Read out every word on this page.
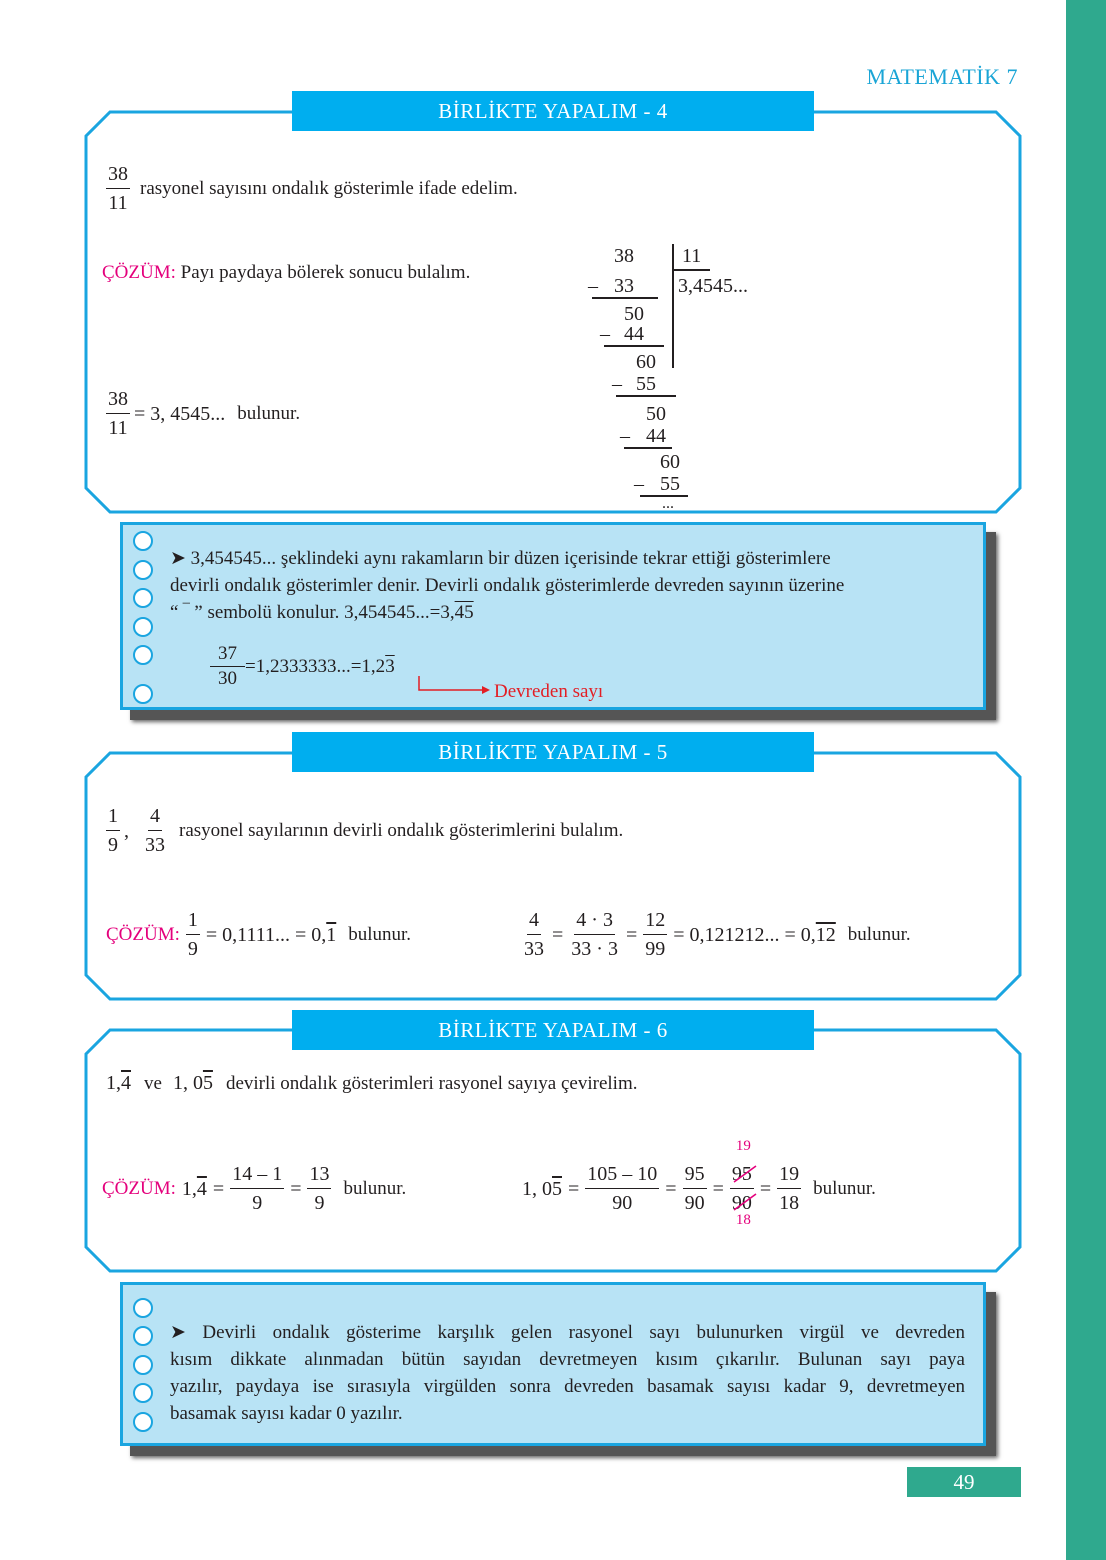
MATEMATİK 7
49
BİRLİKTE YAPALIM - 4
$\frac{38}{11}$ rasyonel sayısını ondalık gösterimle ifade edelim.
ÇÖZÜM: Payı paydaya bölerek sonucu bulalım.
$\frac{38}{11} = 3$, 4545... bulunur.
38 11
3,4545...
– 33
50
– 44
60
– 55
50
– 44
60
– 55
...
➤ 3,454545... şeklindeki aynı rakamların bir düzen içerisinde tekrar ettiği gösterimlere
devirli ondalık gösterimler denir. Devirli ondalık gösterimlerde devreden sayının üzerine
“ ‾ ” sembolü konulur. 3,454545...=3,45
$\frac{37}{30} =1,2333333...=1,2$ 3
Devreden sayı
BİRLİKTE YAPALIM - 5
$\frac{1}{9}$ , $\frac{4}{33}$ rasyonel sayılarının devirli ondalık gösterimlerini bulalım.
ÇÖZÜM: $\frac{1}{9} = 0,1111$... = 0,1 bulunur.	$\frac{4}{33} = \frac{4 \cdot 3}{33 \cdot 3} = \frac{12}{99} = 0,121212$... = 0,12 bulunur.
BİRLİKTE YAPALIM - 6
1,4 ve 1, 05 devirli ondalık gösterimleri rasyonel sayıya çevirelim.
ÇÖZÜM: $1,4 = \frac{14 - 1}{9} = \frac{13}{9}$ bulunur.	1, $05 = \frac{105 - 10}{90} = \frac{95}{90}$ =
95
90
19
18
= $\frac{19}{18}$ bulunur.
➤ Devirli ondalık gösterime karşılık gelen rasyonel sayı bulunurken virgül ve devreden
kısım dikkate alınmadan bütün sayıdan devretmeyen kısım çıkarılır. Bulunan sayı paya
yazılır, paydaya ise sırasıyla virgülden sonra devreden basamak sayısı kadar 9, devretmeyen
basamak sayısı kadar 0 yazılır.
